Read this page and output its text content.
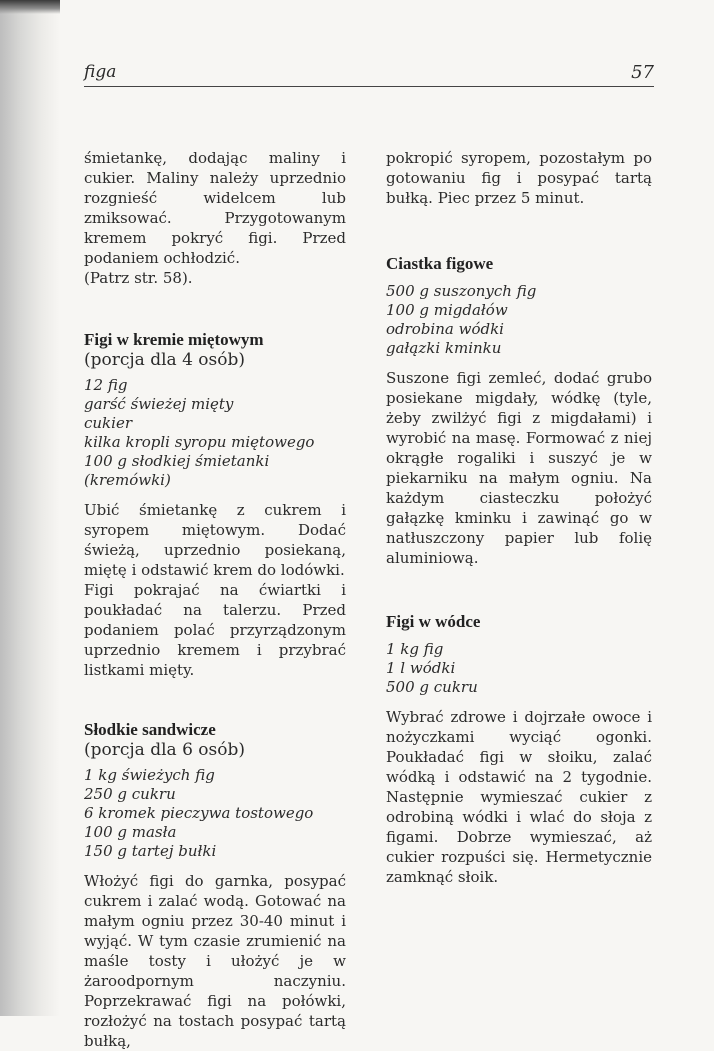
figa	57

śmietankę, dodając maliny i cukier. Maliny należy uprzednio rozgnieść widelcem lub zmiksować. Przygotowanym kremem pokryć figi. Przed podaniem ochłodzić.

(Patrz str. 58).

Figi w kremie miętowym

(porcja dla 4 osób)

12 fig

garść świeżej mięty

cukier

kilka kropli syropu miętowego

100 g słodkiej śmietanki (kremówki)

Ubić śmietankę z cukrem i syropem miętowym. Dodać świeżą, uprzednio posiekaną, miętę i odstawić krem do lodówki.

Figi pokrajać na ćwiartki i poukładać na talerzu. Przed podaniem polać przyrządzonym uprzednio kremem i przybrać listkami mięty.

Słodkie sandwicze

(porcja dla 6 osób)

1 kg świeżych fig

250 g cukru

6 kromek pieczywa tostowego

100 g masła

150 g tartej bułki

Włożyć figi do garnka, posypać cukrem i zalać wodą. Gotować na małym ogniu przez 30-40 minut i wyjąć. W tym czasie zrumienić na maśle tosty i ułożyć je w żaroodpornym naczyniu. Poprzekrawać figi na połówki, rozłożyć na tostach posypać tartą bułką,

pokropić syropem, pozostałym po gotowaniu fig i posypać tartą bułką. Piec przez 5 minut.

Ciastka figowe

500 g suszonych fig

100 g migdałów

odrobina wódki

gałązki kminku

Suszone figi zemleć, dodać grubo posiekane migdały, wódkę (tyle, żeby zwilżyć figi z migdałami) i wyrobić na masę. Formować z niej okrągłe rogaliki i suszyć je w piekarniku na małym ogniu. Na każdym ciasteczku położyć gałązkę kminku i zawinąć go w natłuszczony papier lub folię aluminiową.

Figi w wódce

1 kg fig

1 l wódki

500 g cukru

Wybrać zdrowe i dojrzałe owoce i nożyczkami wyciąć ogonki. Poukładać figi w słoiku, zalać wódką i odstawić na 2 tygodnie. Następnie wymieszać cukier z odrobiną wódki i wlać do słoja z figami. Dobrze wymieszać, aż cukier rozpuści się. Hermetycznie zamknąć słoik.
